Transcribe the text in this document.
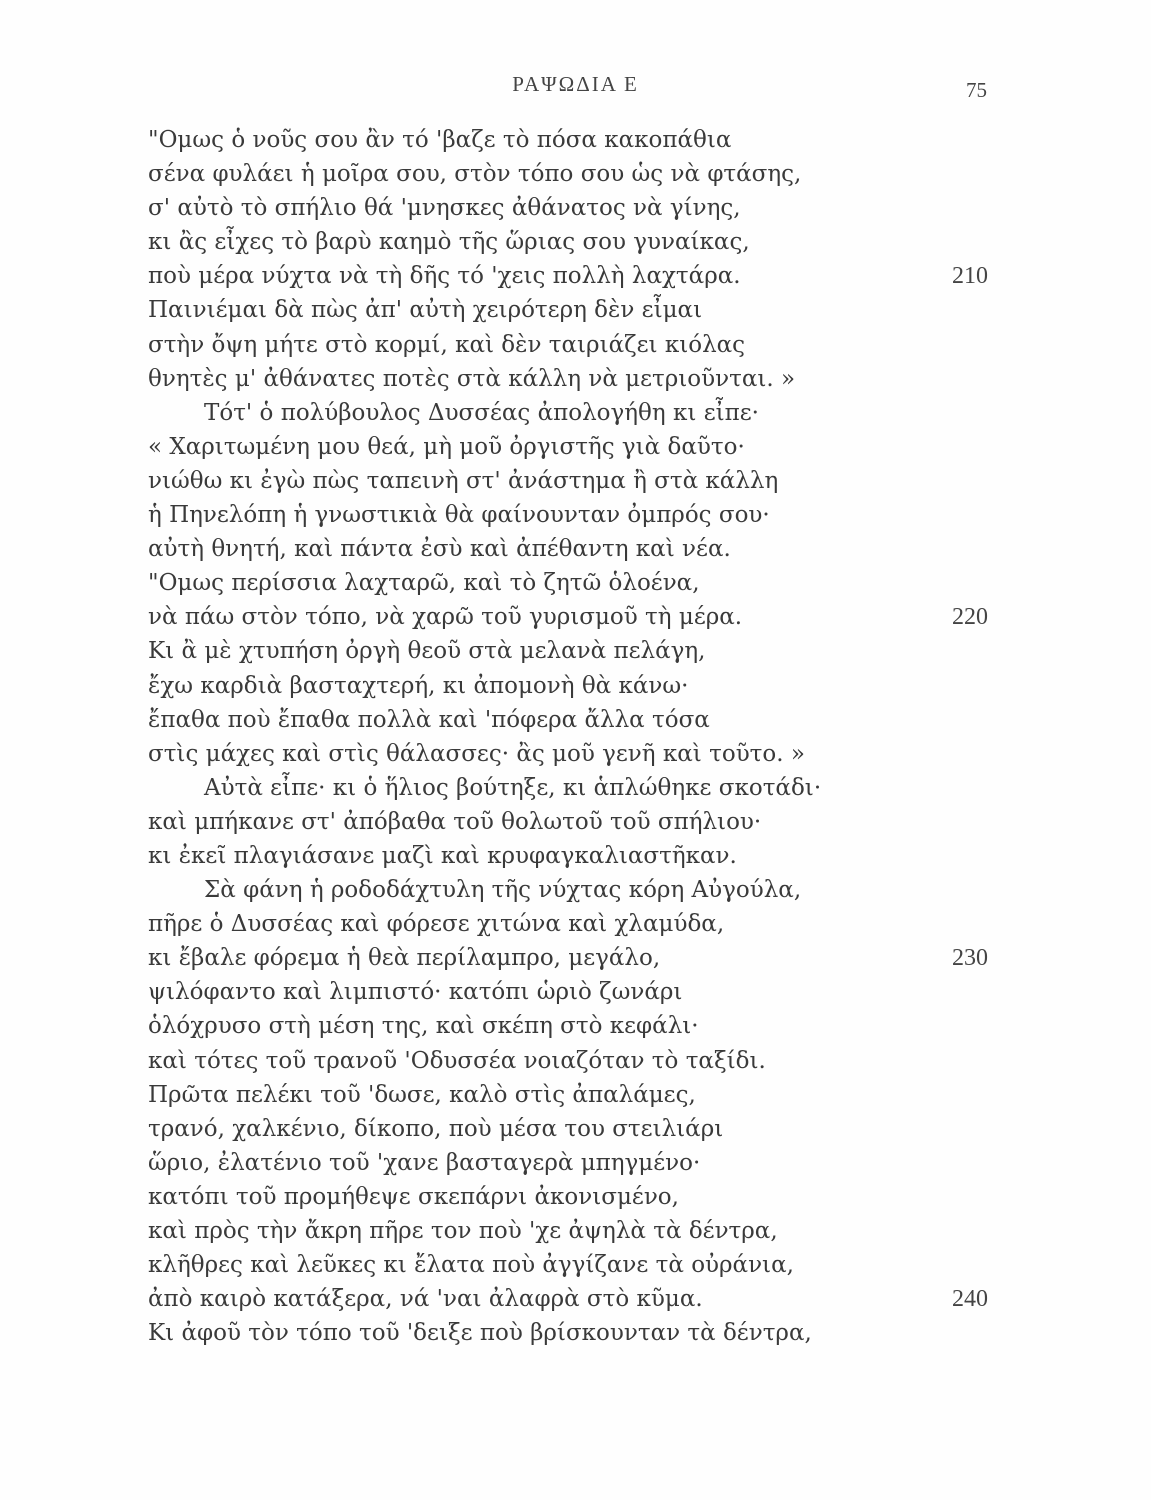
ΡΑΨΩΔΙΑ Ε	75
"Ομως ὁ νοῦς σου ἂν τό 'βαζε τὸ πόσα κακοπάθια
σένα φυλάει ἡ μοῖρα σου, στὸν τόπο σου ὡς νὰ φτάσης,
σ' αὐτὸ τὸ σπήλιο θά 'μνησκες ἀθάνατος νὰ γίνης,
κι ἂς εἶχες τὸ βαρὺ καημὸ τῆς ὥριας σου γυναίκας,
ποὺ μέρα νύχτα νὰ τὴ δῆς τό 'χεις πολλὴ λαχτάρα.	210
Παινιέμαι δὰ πὼς ἀπ' αὐτὴ χειρότερη δὲν εἶμαι
στὴν ὄψη μήτε στὸ κορμί, καὶ δὲν ταιριάζει κιόλας
θνητὲς μ' ἀθάνατες ποτὲς στὰ κάλλη νὰ μετριοῦνται. »
Τότ' ὁ πολύβουλος Δυσσέας ἀπολογήθη κι εἶπε·
« Χαριτωμένη μου θεά, μὴ μοῦ ὀργιστῆς γιὰ δαῦτο·
νιώθω κι ἐγὼ πὼς ταπεινὴ στ' ἀνάστημα ἢ στὰ κάλλη
ἡ Πηνελόπη ἡ γνωστικιὰ θὰ φαίνουνταν ὀμπρός σου·
αὐτὴ θνητή, καὶ πάντα ἐσὺ καὶ ἀπέθαντη καὶ νέα.
"Ομως περίσσια λαχταρῶ, καὶ τὸ ζητῶ ὁλοένα,
νὰ πάω στὸν τόπο, νὰ χαρῶ τοῦ γυρισμοῦ τὴ μέρα.	220
Κι ἂ μὲ χτυπήση ὀργὴ θεοῦ στὰ μελανὰ πελάγη,
ἔχω καρδιὰ βασταχτερή, κι ἀπομονὴ θὰ κάνω·
ἔπαθα ποὺ ἔπαθα πολλὰ καὶ 'πόφερα ἄλλα τόσα
στὶς μάχες καὶ στὶς θάλασσες· ἂς μοῦ γενῆ καὶ τοῦτο. »
Αὐτὰ εἶπε· κι ὁ ἥλιος βούτηξε, κι ἁπλώθηκε σκοτάδι·
καὶ μπήκανε στ' ἀπόβαθα τοῦ θολωτοῦ τοῦ σπήλιου·
κι ἐκεῖ πλαγιάσανε μαζὶ καὶ κρυφαγκαλιαστῆκαν.
Σὰ φάνη ἡ ροδοδάχτυλη τῆς νύχτας κόρη Αὐγούλα,
πῆρε ὁ Δυσσέας καὶ φόρεσε χιτώνα καὶ χλαμύδα,
κι ἔβαλε φόρεμα ἡ θεὰ περίλαμπρο, μεγάλο,	230
ψιλόφαντο καὶ λιμπιστό· κατόπι ὡριὸ ζωνάρι
ὁλόχρυσο στὴ μέση της, καὶ σκέπη στὸ κεφάλι·
καὶ τότες τοῦ τρανοῦ 'Οδυσσέα νοιαζόταν τὸ ταξίδι.
Πρῶτα πελέκι τοῦ 'δωσε, καλὸ στὶς ἀπαλάμες,
τρανό, χαλκένιο, δίκοπο, ποὺ μέσα του στειλιάρι
ὥριο, ἐλατένιο τοῦ 'χανε βασταγερὰ μπηγμένο·
κατόπι τοῦ προμήθεψε σκεπάρνι ἀκονισμένο,
καὶ πρὸς τὴν ἄκρη πῆρε τον ποὺ 'χε ἀψηλὰ τὰ δέντρα,
κλῆθρες καὶ λεῦκες κι ἔλατα ποὺ ἀγγίζανε τὰ οὐράνια,
ἀπὸ καιρὸ κατάξερα, νά 'ναι ἀλαφρὰ στὸ κῦμα.	240
Κι ἀφοῦ τὸν τόπο τοῦ 'δειξε ποὺ βρίσκουνταν τὰ δέντρα,
